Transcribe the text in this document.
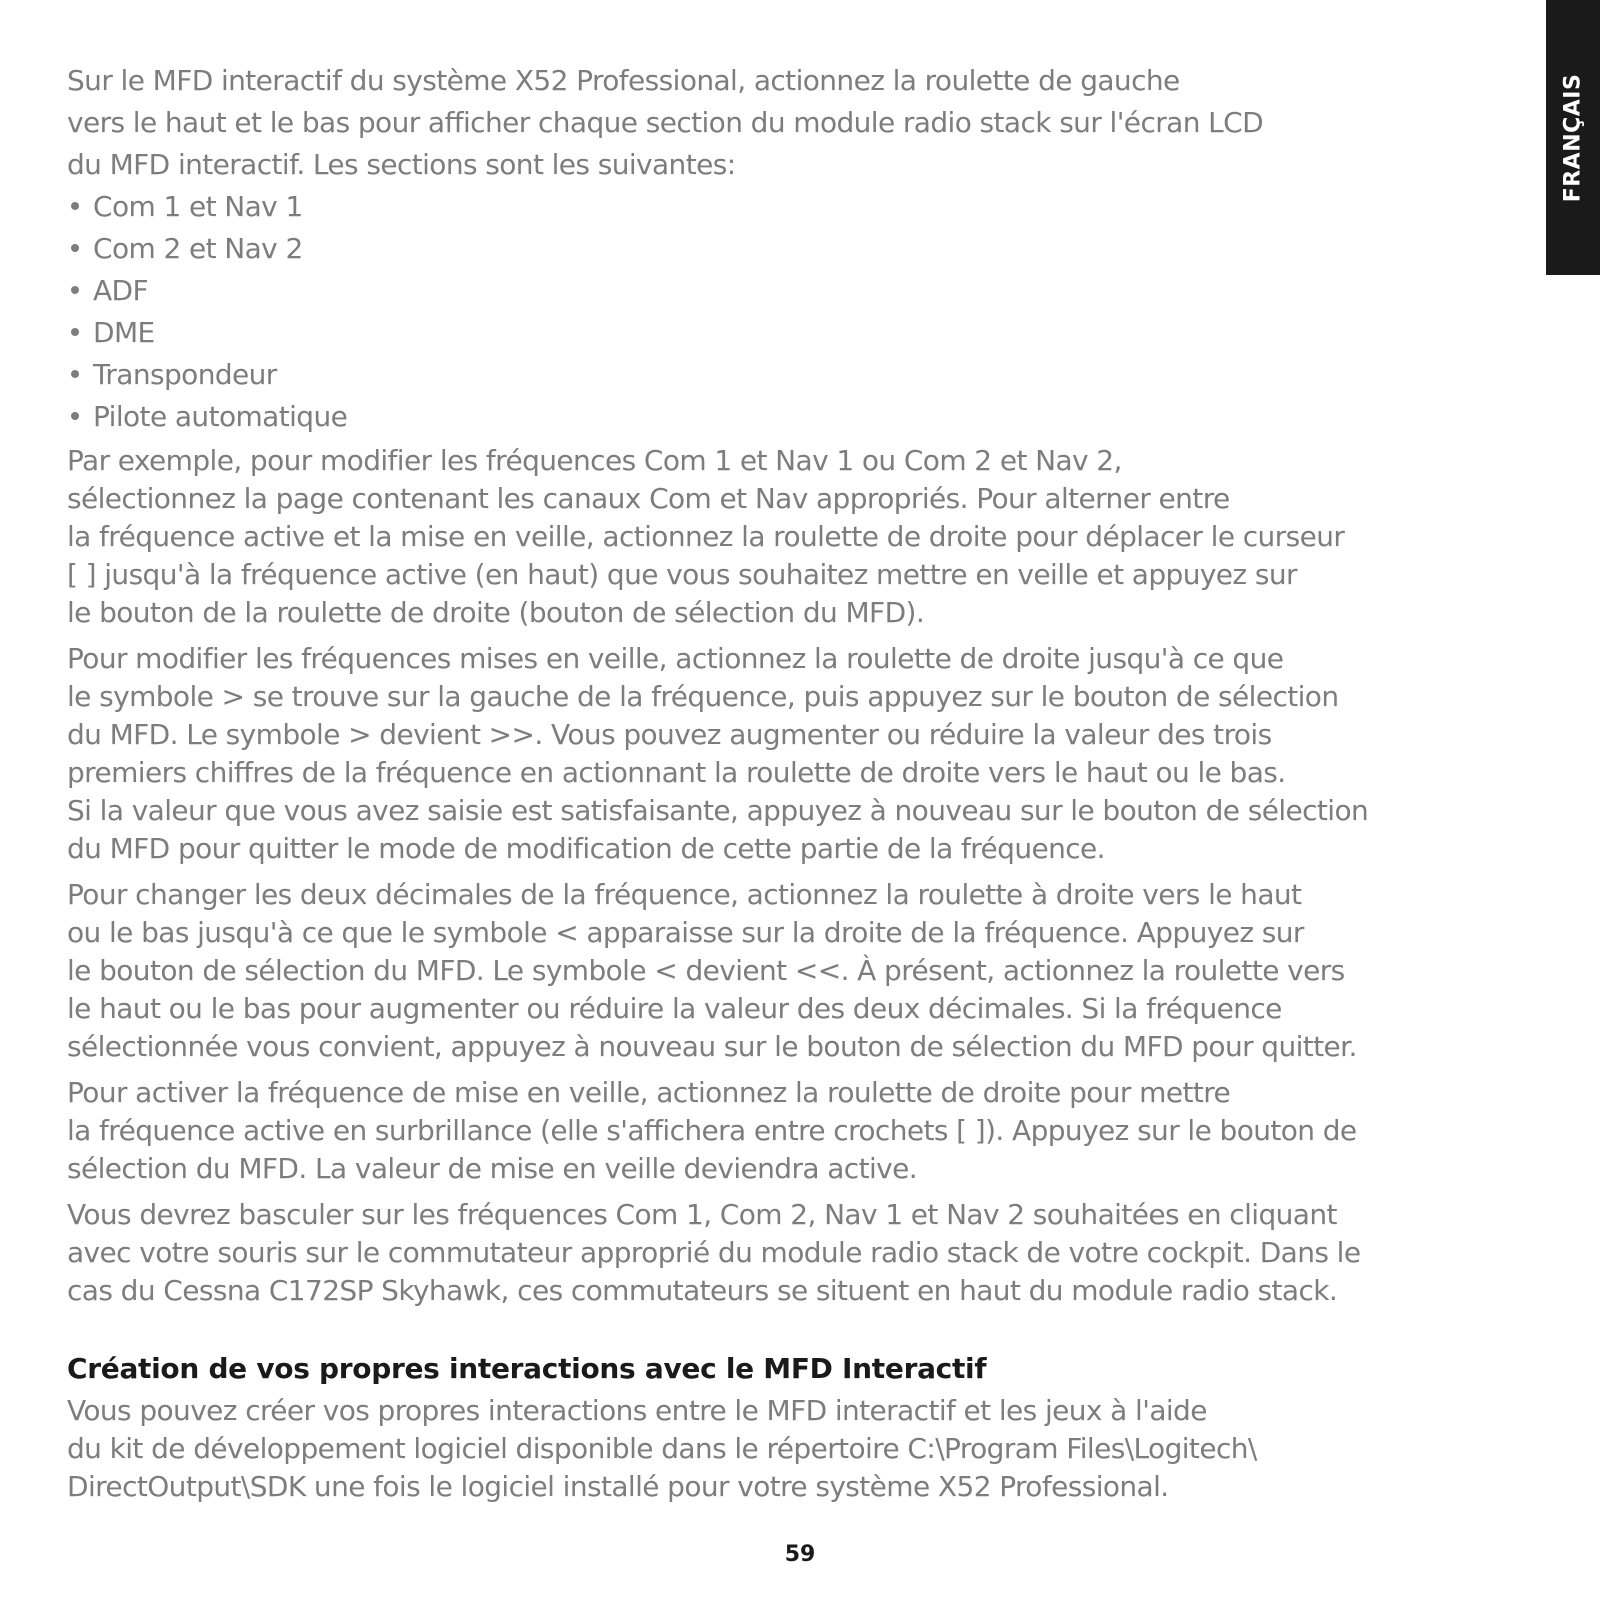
FRANÇAIS

Sur le MFD interactif du système X52 Professional, actionnez la roulette de gauche
vers le haut et le bas pour afficher chaque section du module radio stack sur l'écran LCD
du MFD interactif. Les sections sont les suivantes:

Com 1 et Nav 1
Com 2 et Nav 2
ADF
DME
Transpondeur
Pilote automatique

Par exemple, pour modifier les fréquences Com 1 et Nav 1 ou Com 2 et Nav 2,
sélectionnez la page contenant les canaux Com et Nav appropriés. Pour alterner entre
la fréquence active et la mise en veille, actionnez la roulette de droite pour déplacer le curseur
[ ] jusqu'à la fréquence active (en haut) que vous souhaitez mettre en veille et appuyez sur
le bouton de la roulette de droite (bouton de sélection du MFD).

Pour modifier les fréquences mises en veille, actionnez la roulette de droite jusqu'à ce que
le symbole > se trouve sur la gauche de la fréquence, puis appuyez sur le bouton de sélection
du MFD. Le symbole > devient >>. Vous pouvez augmenter ou réduire la valeur des trois
premiers chiffres de la fréquence en actionnant la roulette de droite vers le haut ou le bas.
Si la valeur que vous avez saisie est satisfaisante, appuyez à nouveau sur le bouton de sélection
du MFD pour quitter le mode de modification de cette partie de la fréquence.

Pour changer les deux décimales de la fréquence, actionnez la roulette à droite vers le haut
ou le bas jusqu'à ce que le symbole < apparaisse sur la droite de la fréquence. Appuyez sur
le bouton de sélection du MFD. Le symbole < devient <<. À présent, actionnez la roulette vers
le haut ou le bas pour augmenter ou réduire la valeur des deux décimales. Si la fréquence
sélectionnée vous convient, appuyez à nouveau sur le bouton de sélection du MFD pour quitter.

Pour activer la fréquence de mise en veille, actionnez la roulette de droite pour mettre
la fréquence active en surbrillance (elle s'affichera entre crochets [ ]). Appuyez sur le bouton de
sélection du MFD. La valeur de mise en veille deviendra active.

Vous devrez basculer sur les fréquences Com 1, Com 2, Nav 1 et Nav 2 souhaitées en cliquant
avec votre souris sur le commutateur approprié du module radio stack de votre cockpit. Dans le
cas du Cessna C172SP Skyhawk, ces commutateurs se situent en haut du module radio stack.

Création de vos propres interactions avec le MFD Interactif

Vous pouvez créer vos propres interactions entre le MFD interactif et les jeux à l'aide
du kit de développement logiciel disponible dans le répertoire C:\Program Files\Logitech\
DirectOutput\SDK une fois le logiciel installé pour votre système X52 Professional.

59
